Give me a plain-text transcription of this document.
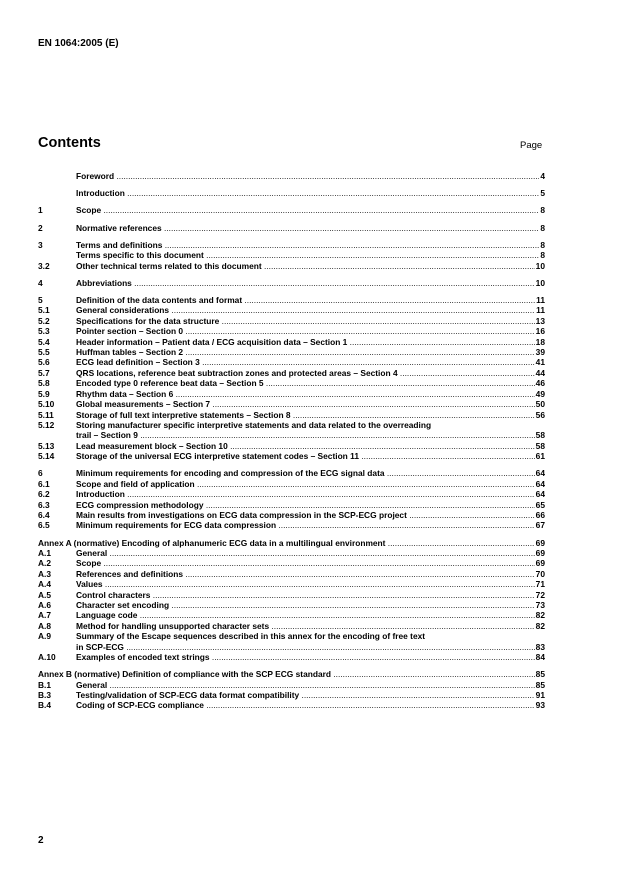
EN 1064:2005 (E)
Contents	Page
Foreword .....	4
Introduction .....	5
1	Scope .....	8
2	Normative references .....	8
3	Terms and definitions .....	8
Terms specific to this document .....	8
3.2	Other technical terms related to this document .....	10
4	Abbreviations .....	10
5	Definition of the data contents and format .....	11
5.1	General considerations .....	11
5.2	Specifications for the data structure .....	13
5.3	Pointer section – Section 0 .....	16
5.4	Header information – Patient data / ECG acquisition data – Section 1 .....	18
5.5	Huffman tables – Section 2 .....	39
5.6	ECG lead definition – Section 3 .....	41
5.7	QRS locations, reference beat subtraction zones and protected areas – Section 4 .....	44
5.8	Encoded type 0 reference beat data – Section 5 .....	46
5.9	Rhythm data – Section 6 .....	49
5.10	Global measurements – Section 7 .....	50
5.11	Storage of full text interpretive statements – Section 8 .....	56
5.12	Storing manufacturer specific interpretive statements and data related to the overreading
trail – Section 9 .....	58
5.13	Lead measurement block – Section 10 .....	58
5.14	Storage of the universal ECG interpretive statement codes – Section 11 .....	61
6	Minimum requirements for encoding and compression of the ECG signal data .....	64
6.1	Scope and field of application .....	64
6.2	Introduction .....	64
6.3	ECG compression methodology .....	65
6.4	Main results from investigations on ECG data compression in the SCP-ECG project .....	66
6.5	Minimum requirements for ECG data compression .....	67
Annex A (normative) Encoding of alphanumeric ECG data in a multilingual environment .....	69
A.1	General .....	69
A.2	Scope .....	69
A.3	References and definitions .....	70
A.4	Values .....	71
A.5	Control characters .....	72
A.6	Character set encoding .....	73
A.7	Language code .....	82
A.8	Method for handling unsupported character sets .....	82
A.9	Summary of the Escape sequences described in this annex for the encoding of free text
in SCP-ECG .....	83
A.10	Examples of encoded text strings .....	84
Annex B (normative) Definition of compliance with the SCP ECG standard .....	85
B.1	General .....	85
B.3	Testing/validation of SCP-ECG data format compatibility .....	91
B.4	Coding of SCP-ECG compliance .....	93
2
